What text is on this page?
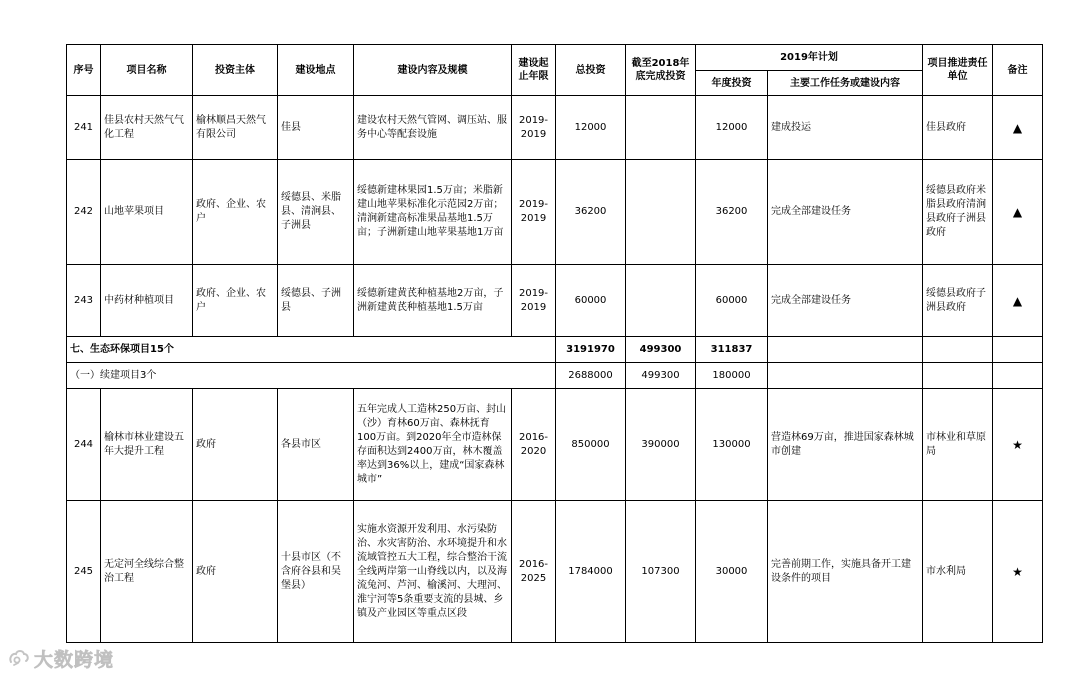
序号	项目名称	投资主体	建设地点	建设内容及规模	建设起止年限	总投资	截至2018年底完成投资	2019年计划		项目推进责任单位	备注
								年度投资	主要工作任务或建设内容		
241	佳县农村天然气气化工程	榆林顺昌天然气有限公司	佳县	建设农村天然气管网、调压站、服务中心等配套设施	2019-2019	12000		12000	建成投运	佳县政府	▲
242	山地苹果项目	政府、企业、农户	绥德县、米脂县、清涧县、子洲县	绥德新建林果园1.5万亩；米脂新建山地苹果标准化示范园2万亩；清涧新建高标准果品基地1.5万亩；子洲新建山地苹果基地1万亩	2019-2019	36200		36200	完成全部建设任务	绥德县政府米脂县政府清涧县政府子洲县政府	▲
243	中药材种植项目	政府、企业、农户	绥德县、子洲县	绥德新建黄芪种植基地2万亩，子洲新建黄芪种植基地1.5万亩	2019-2019	60000		60000	完成全部建设任务	绥德县政府子洲县政府	▲
七、生态环保项目15个						3191970	499300	311837			
（一）续建项目3个						2688000	499300	180000			
244	榆林市林业建设五年大提升工程	政府	各县市区	五年完成人工造林250万亩、封山（沙）育林60万亩、森林抚育100万亩。到2020年全市造林保存面积达到2400万亩，林木覆盖率达到36%以上，建成“国家森林城市”	2016-2020	850000	390000	130000	营造林69万亩，推进国家森林城市创建	市林业和草原局	★
245	无定河全线综合整治工程	政府	十县市区（不含府谷县和吴堡县）	实施水资源开发利用、水污染防治、水灾害防治、水环境提升和水流域管控五大工程，综合整治干流全线两岸第一山脊线以内，以及海流兔河、芦河、榆溪河、大理河、淮宁河等5条重要支流的县城、乡镇及产业园区等重点区段	2016-2025	1784000	107300	30000	完善前期工作，实施具备开工建设条件的项目	市水利局	★
大数跨境
